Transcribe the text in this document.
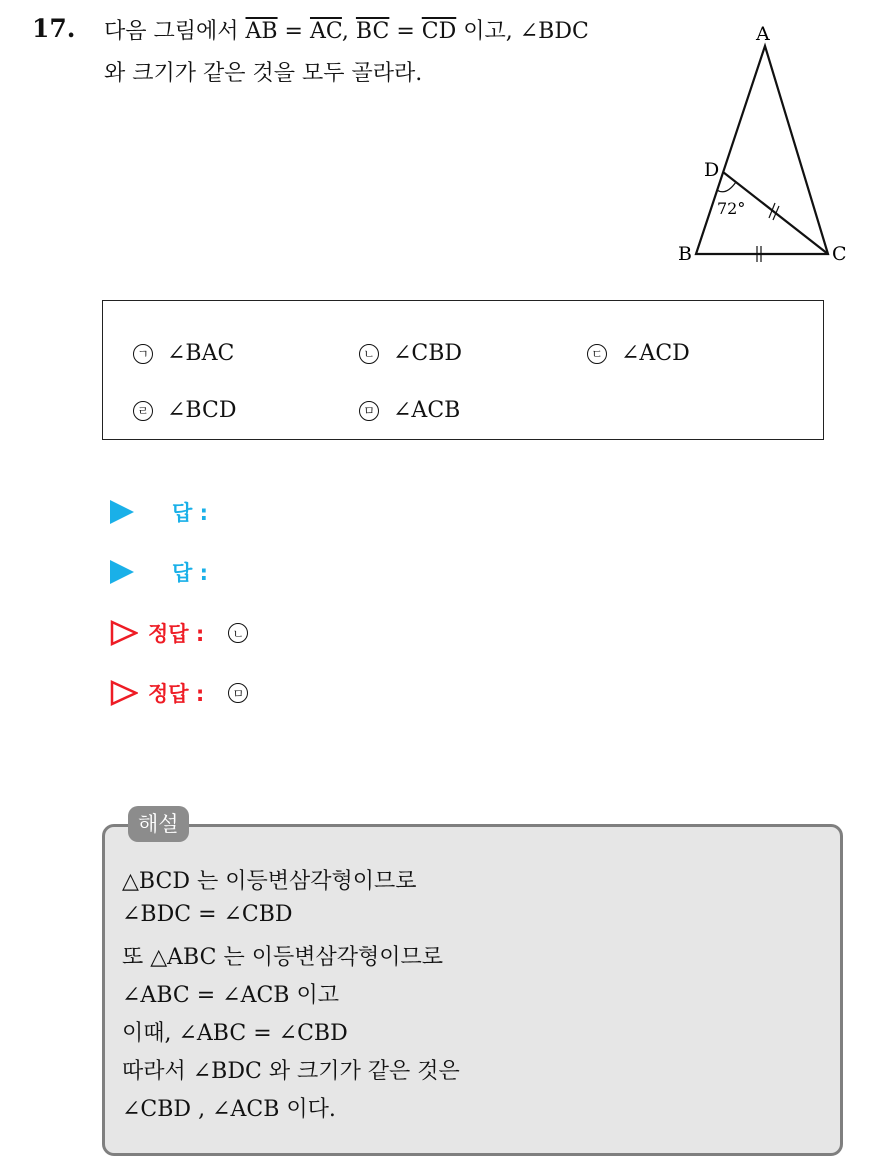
17. 다음 그림에서 $\overline{AB} = \overline{AC}$, $\overline{BC} = \overline{CD}$ 이고, ∠BDC
와 크기가 같은 것을 모두 골라라.
A
D
B	C
72°
ㄱ ∠BAC	ㄴ ∠CBD	ㄷ ∠ACD
ㄹ ∠BCD	ㅁ ∠ACB
답 :
답 :
정답 :	ㄴ
정답 :	ㅁ
해설
△BCD 는 이등변삼각형이므로
∠BDC = ∠CBD
또 △ABC 는 이등변삼각형이므로
∠ABC = ∠ACB 이고
이때, ∠ABC = ∠CBD
따라서 ∠BDC 와 크기가 같은 것은
∠CBD , ∠ACB 이다.
